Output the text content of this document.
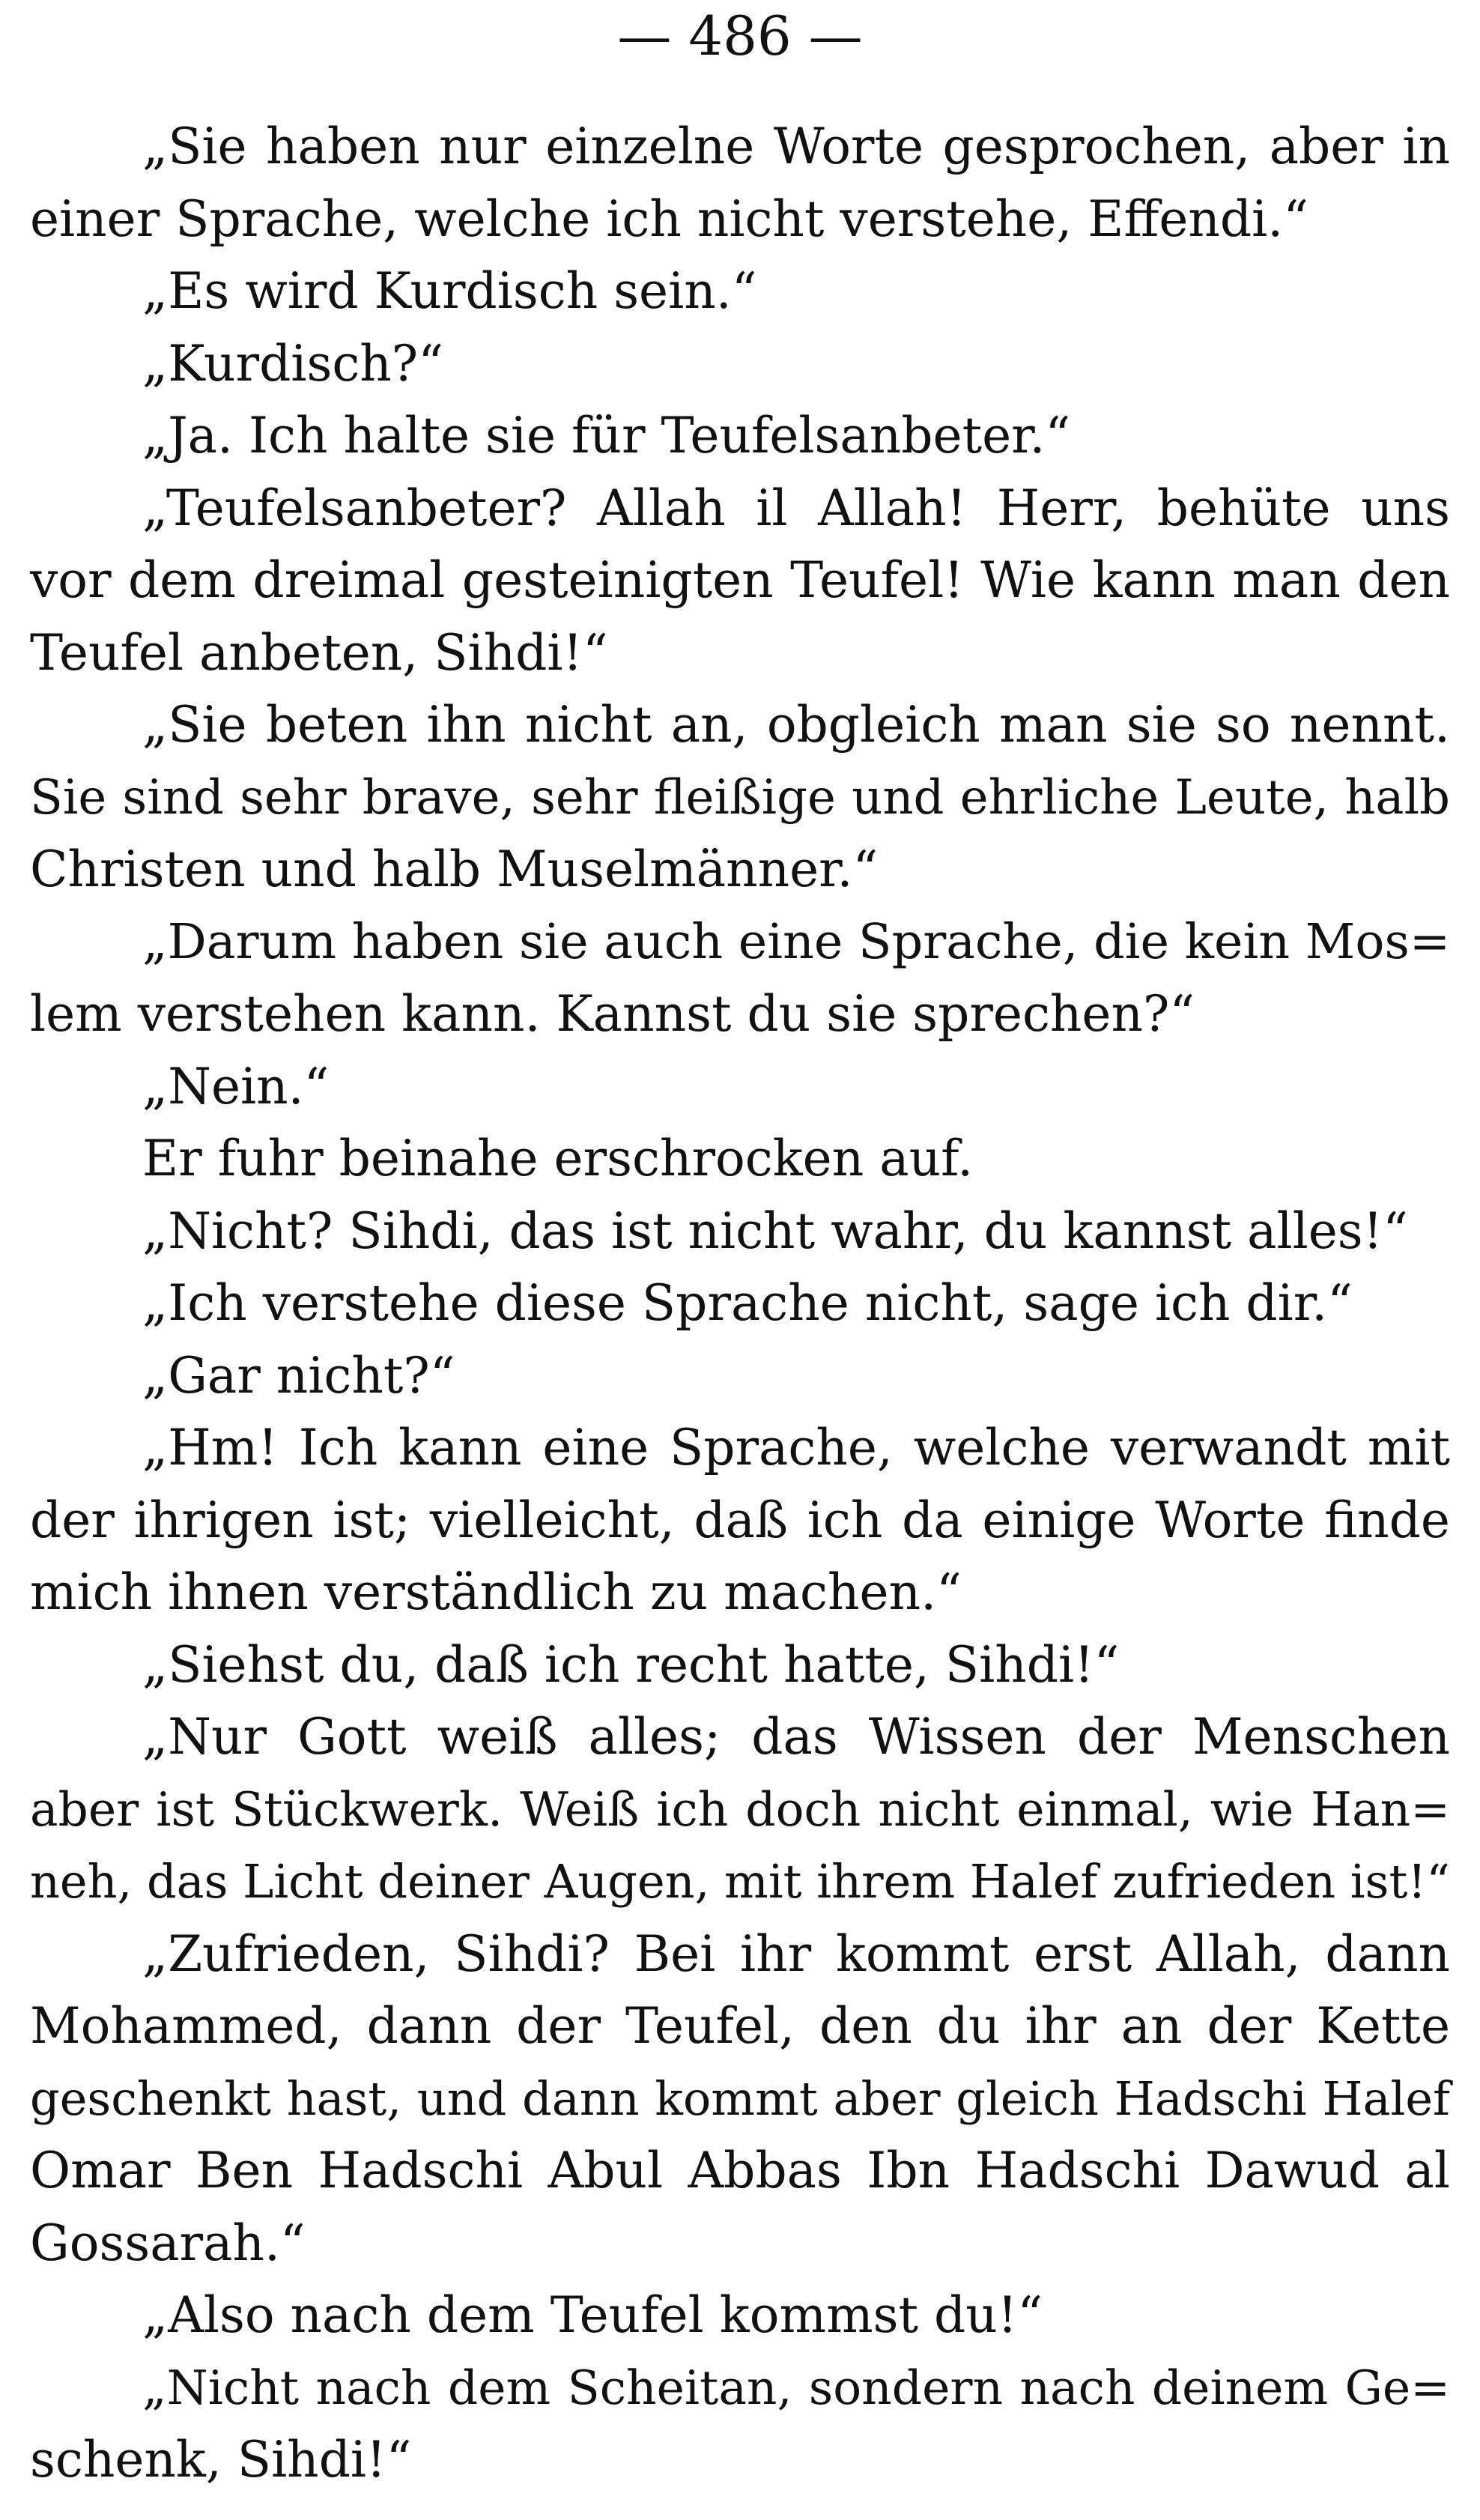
— 486 —
„Sie haben nur einzelne Worte gesprochen, aber in
einer Sprache, welche ich nicht verstehe, Effendi.“
„Es wird Kurdisch sein.“
„Kurdisch?“
„Ja. Ich halte sie für Teufelsanbeter.“
„Teufelsanbeter? Allah il Allah! Herr, behüte uns
vor dem dreimal gesteinigten Teufel! Wie kann man den
Teufel anbeten, Sihdi!“
„Sie beten ihn nicht an, obgleich man sie so nennt.
Sie sind sehr brave, sehr fleißige und ehrliche Leute, halb
Christen und halb Muselmänner.“
„Darum haben sie auch eine Sprache, die kein Mos=
lem verstehen kann. Kannst du sie sprechen?“
„Nein.“
Er fuhr beinahe erschrocken auf.
„Nicht? Sihdi, das ist nicht wahr, du kannst alles!“
„Ich verstehe diese Sprache nicht, sage ich dir.“
„Gar nicht?“
„Hm! Ich kann eine Sprache, welche verwandt mit
der ihrigen ist; vielleicht, daß ich da einige Worte finde
mich ihnen verständlich zu machen.“
„Siehst du, daß ich recht hatte, Sihdi!“
„Nur Gott weiß alles; das Wissen der Menschen
aber ist Stückwerk. Weiß ich doch nicht einmal, wie Han=
neh, das Licht deiner Augen, mit ihrem Halef zufrieden ist!“
„Zufrieden, Sihdi? Bei ihr kommt erst Allah, dann
Mohammed, dann der Teufel, den du ihr an der Kette
geschenkt hast, und dann kommt aber gleich Hadschi Halef
Omar Ben Hadschi Abul Abbas Ibn Hadschi Dawud al
Gossarah.“
„Also nach dem Teufel kommst du!“
„Nicht nach dem Scheitan, sondern nach deinem Ge=
schenk, Sihdi!“
